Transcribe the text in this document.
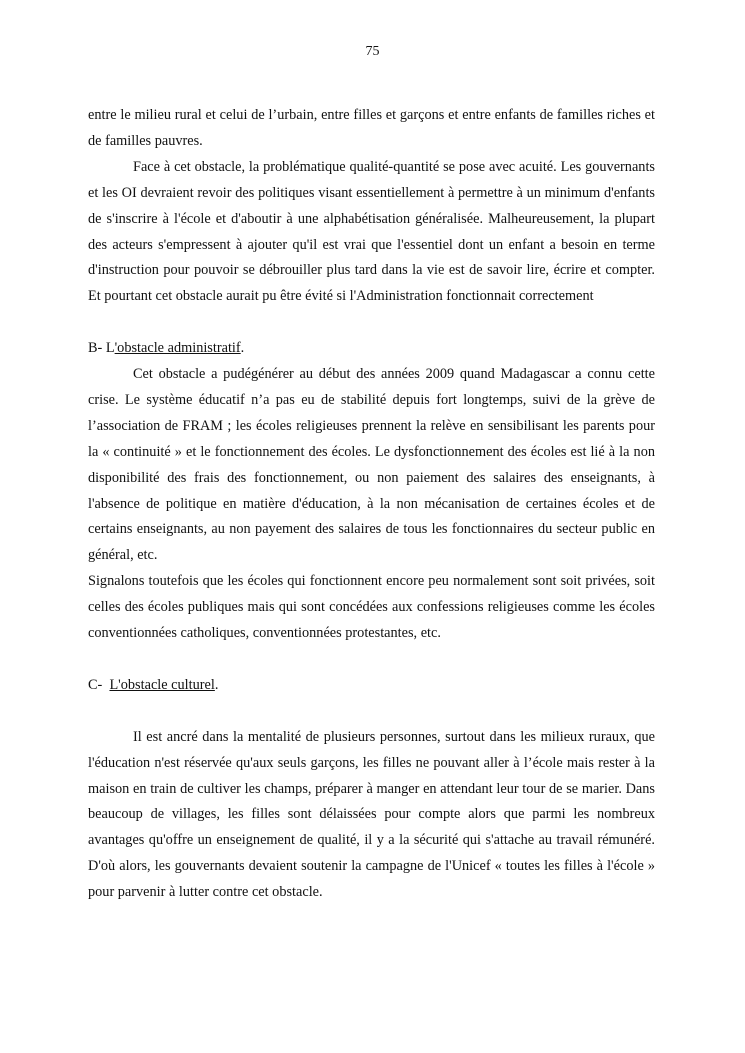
75

entre le milieu rural et celui de l’urbain, entre filles et garçons et entre enfants de familles riches et de familles pauvres.

Face à cet obstacle, la problématique qualité-quantité se pose avec acuité. Les gouvernants et les OI devraient revoir des politiques visant essentiellement à permettre à un minimum d'enfants de s'inscrire à l'école et d'aboutir à une alphabétisation généralisée. Malheureusement, la plupart des acteurs s'empressent à ajouter qu'il est vrai que l'essentiel dont un enfant a besoin en terme d'instruction pour pouvoir se débrouiller plus tard dans la vie est de savoir lire, écrire et compter. Et pourtant cet obstacle aurait pu être évité si l'Administration fonctionnait correctement

B- L'obstacle administratif.

Cet obstacle a pudégénérer au début des années 2009 quand Madagascar a connu cette crise. Le système éducatif n’a pas eu de stabilité depuis fort longtemps, suivi de la grève de l’association de FRAM ; les écoles religieuses prennent la relève en sensibilisant les parents pour la « continuité » et le fonctionnement des écoles. Le dysfonctionnement des écoles est lié à la non disponibilité des frais des fonctionnement, ou non paiement des salaires des enseignants, à l'absence de politique en matière d'éducation, à la non mécanisation de certaines écoles et de certains enseignants, au non payement des salaires de tous les fonctionnaires du secteur public en général, etc.

Signalons toutefois que les écoles qui fonctionnent encore peu normalement sont soit privées, soit celles des écoles publiques mais qui sont concédées aux confessions religieuses comme les écoles conventionnées catholiques, conventionnées protestantes, etc.

C-  L'obstacle culturel.

Il est ancré dans la mentalité de plusieurs personnes, surtout dans les milieux ruraux, que l'éducation n'est réservée qu'aux seuls garçons, les filles ne pouvant aller à l’école mais rester à la maison en train de cultiver les champs, préparer à manger en attendant leur tour de se marier. Dans beaucoup de villages, les filles sont délaissées pour compte alors que parmi les nombreux avantages qu'offre un enseignement de qualité, il y a la sécurité qui s'attache au travail rémunéré. D'où alors, les gouvernants devaient soutenir la campagne de l'Unicef « toutes les filles à l'école » pour parvenir à lutter contre cet obstacle.
